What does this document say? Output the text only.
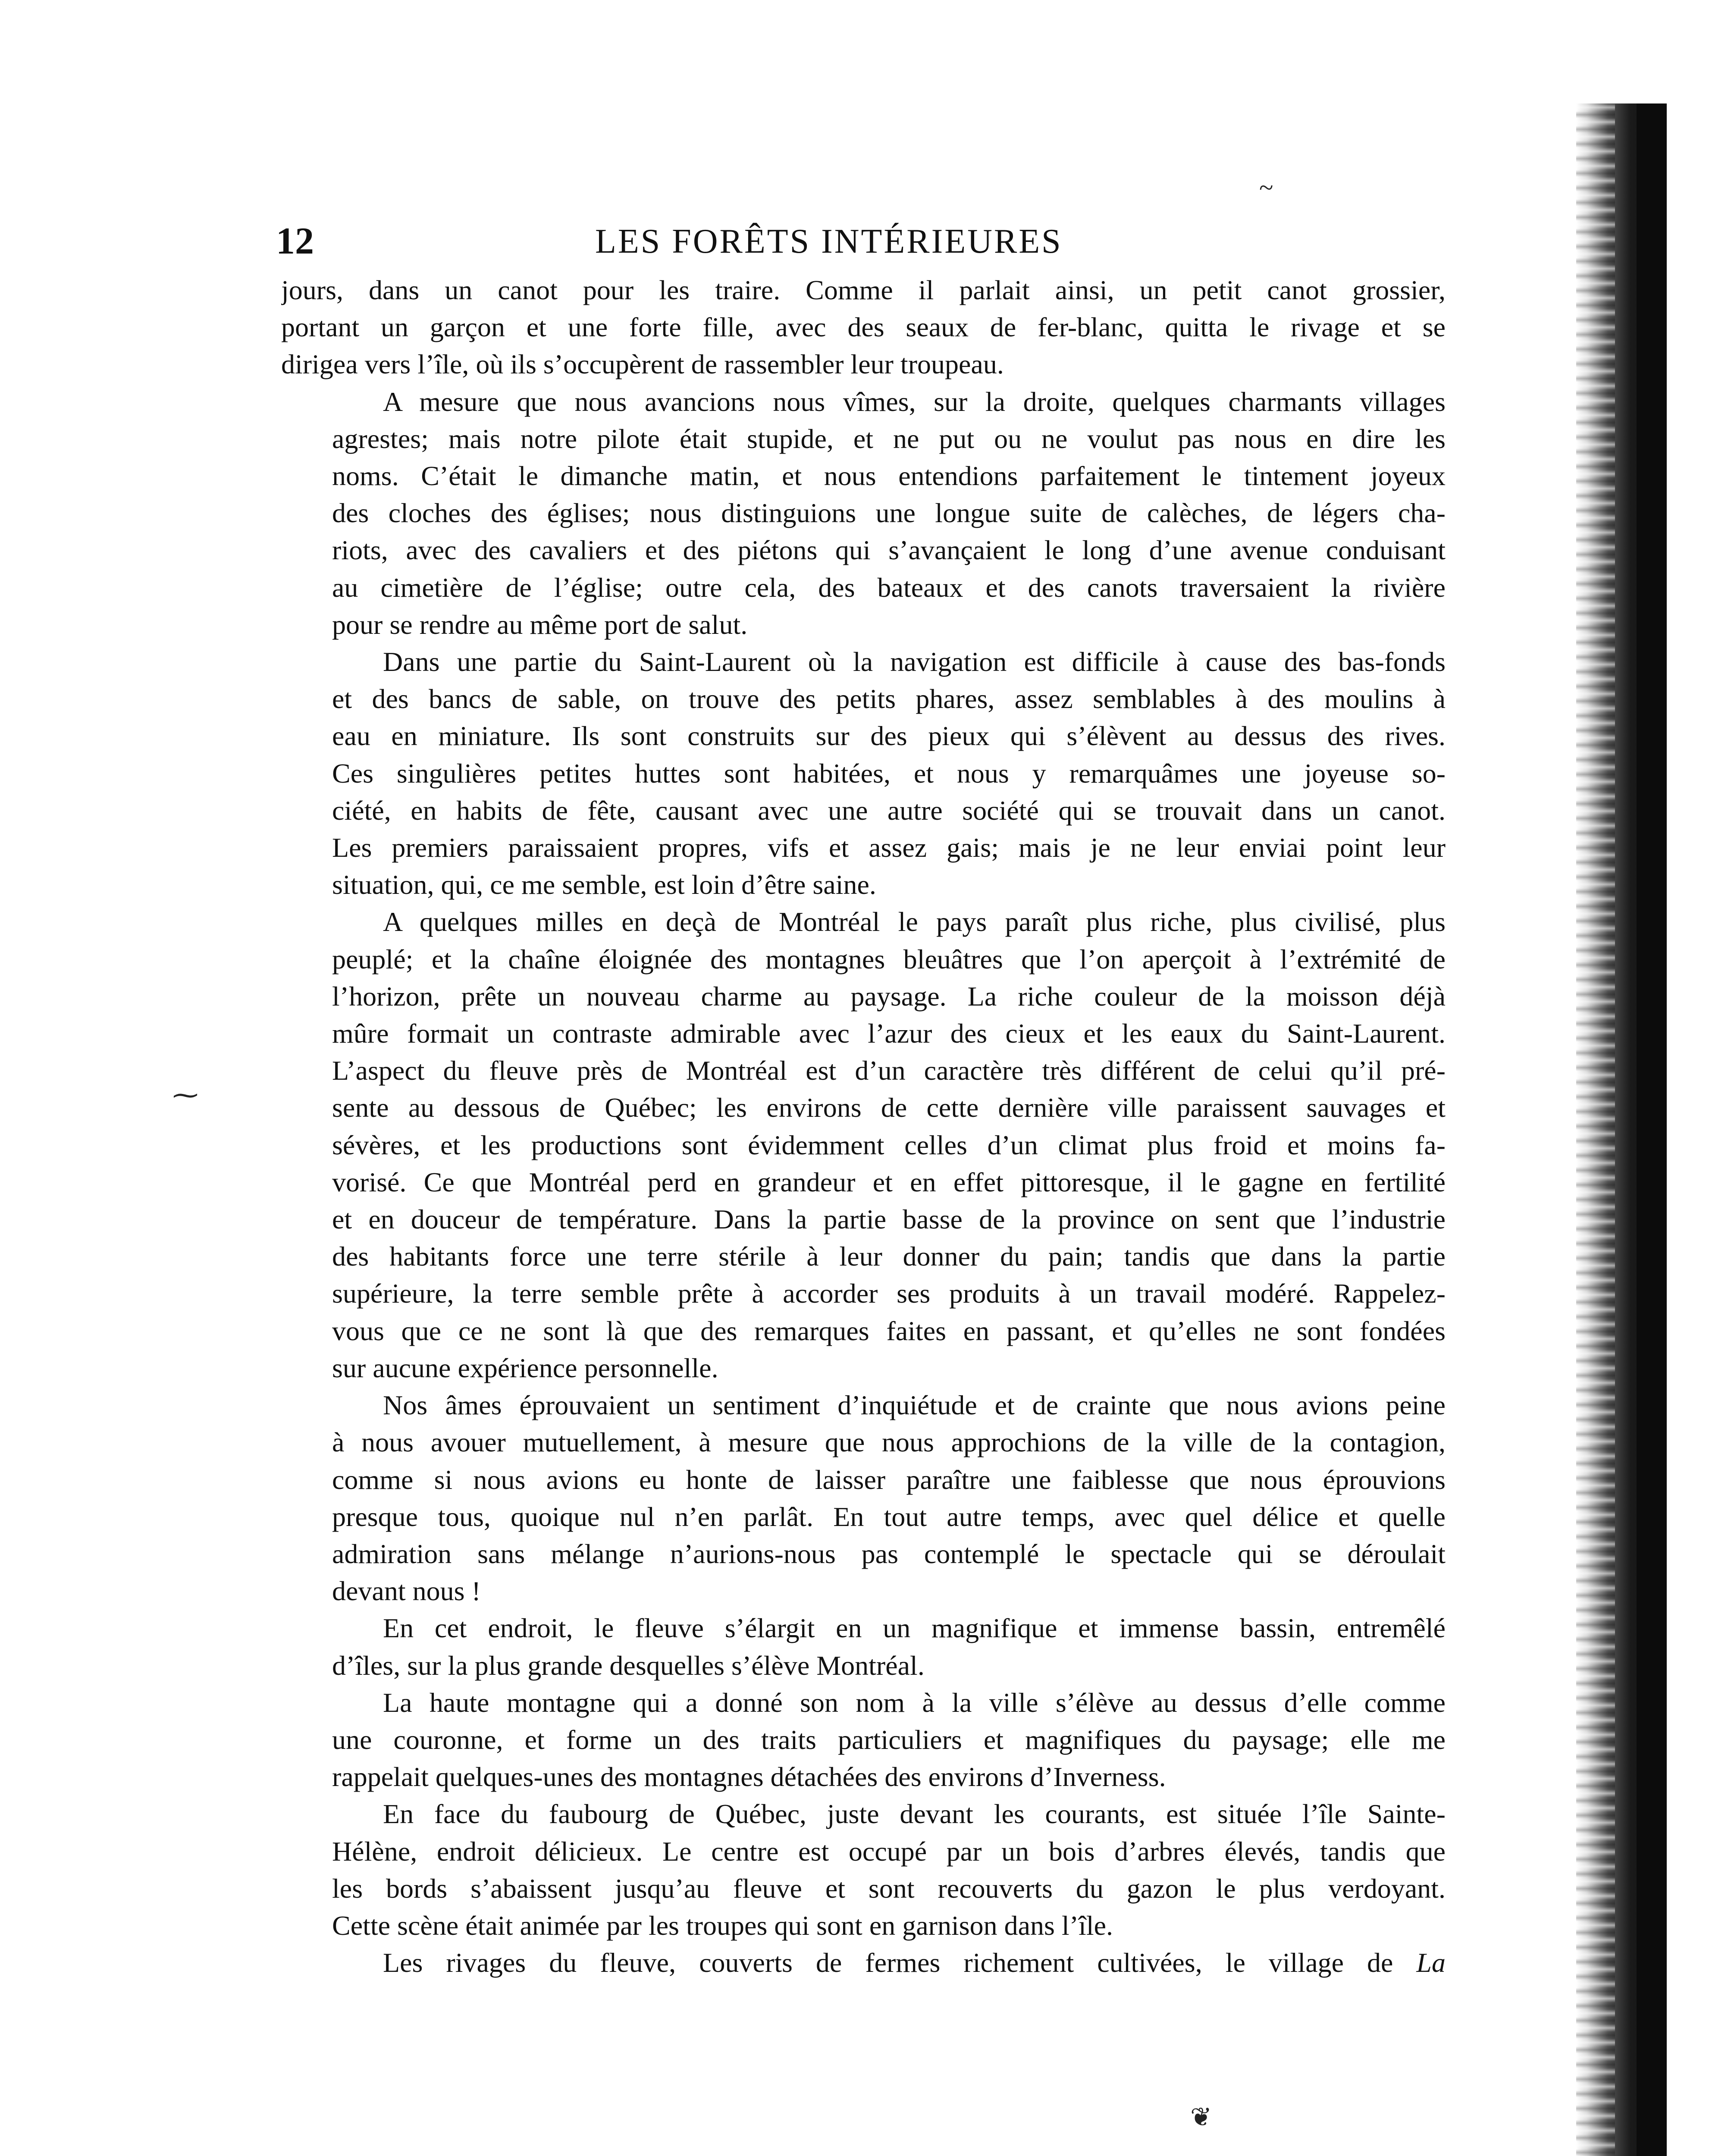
12	LES FORÊTS INTÉRIEURES

jours, dans un canot pour les traire. Comme il parlait ainsi, un petit canot grossier,
portant un garçon et une forte fille, avec des seaux de fer-blanc, quitta le rivage et se
dirigea vers l’île, où ils s’occupèrent de rassembler leur troupeau.

A mesure que nous avancions nous vîmes, sur la droite, quelques charmants villages
agrestes; mais notre pilote était stupide, et ne put ou ne voulut pas nous en dire les
noms. C’était le dimanche matin, et nous entendions parfaitement le tintement joyeux
des cloches des églises; nous distinguions une longue suite de calèches, de légers cha-
riots, avec des cavaliers et des piétons qui s’avançaient le long d’une avenue conduisant
au cimetière de l’église; outre cela, des bateaux et des canots traversaient la rivière
pour se rendre au même port de salut.

Dans une partie du Saint-Laurent où la navigation est difficile à cause des bas-fonds
et des bancs de sable, on trouve des petits phares, assez semblables à des moulins à
eau en miniature. Ils sont construits sur des pieux qui s’élèvent au dessus des rives.
Ces singulières petites huttes sont habitées, et nous y remarquâmes une joyeuse so-
ciété, en habits de fête, causant avec une autre société qui se trouvait dans un canot.
Les premiers paraissaient propres, vifs et assez gais; mais je ne leur enviai point leur
situation, qui, ce me semble, est loin d’être saine.

A quelques milles en deçà de Montréal le pays paraît plus riche, plus civilisé, plus
peuplé; et la chaîne éloignée des montagnes bleuâtres que l’on aperçoit à l’extrémité de
l’horizon, prête un nouveau charme au paysage. La riche couleur de la moisson déjà
mûre formait un contraste admirable avec l’azur des cieux et les eaux du Saint-Laurent.
L’aspect du fleuve près de Montréal est d’un caractère très différent de celui qu’il pré-
sente au dessous de Québec; les environs de cette dernière ville paraissent sauvages et
sévères, et les productions sont évidemment celles d’un climat plus froid et moins fa-
vorisé. Ce que Montréal perd en grandeur et en effet pittoresque, il le gagne en fertilité
et en douceur de température. Dans la partie basse de la province on sent que l’industrie
des habitants force une terre stérile à leur donner du pain; tandis que dans la partie
supérieure, la terre semble prête à accorder ses produits à un travail modéré. Rappelez-
vous que ce ne sont là que des remarques faites en passant, et qu’elles ne sont fondées
sur aucune expérience personnelle.

Nos âmes éprouvaient un sentiment d’inquiétude et de crainte que nous avions peine
à nous avouer mutuellement, à mesure que nous approchions de la ville de la contagion,
comme si nous avions eu honte de laisser paraître une faiblesse que nous éprouvions
presque tous, quoique nul n’en parlât. En tout autre temps, avec quel délice et quelle
admiration sans mélange n’aurions-nous pas contemplé le spectacle qui se déroulait
devant nous !

En cet endroit, le fleuve s’élargit en un magnifique et immense bassin, entremêlé
d’îles, sur la plus grande desquelles s’élève Montréal.

La haute montagne qui a donné son nom à la ville s’élève au dessus d’elle comme
une couronne, et forme un des traits particuliers et magnifiques du paysage; elle me
rappelait quelques-unes des montagnes détachées des environs d’Inverness.

En face du faubourg de Québec, juste devant les courants, est située l’île Sainte-
Hélène, endroit délicieux. Le centre est occupé par un bois d’arbres élevés, tandis que
les bords s’abaissent jusqu’au fleuve et sont recouverts du gazon le plus verdoyant.
Cette scène était animée par les troupes qui sont en garnison dans l’île.

Les rivages du fleuve, couverts de fermes richement cultivées, le village de La

~
⁓
❦
